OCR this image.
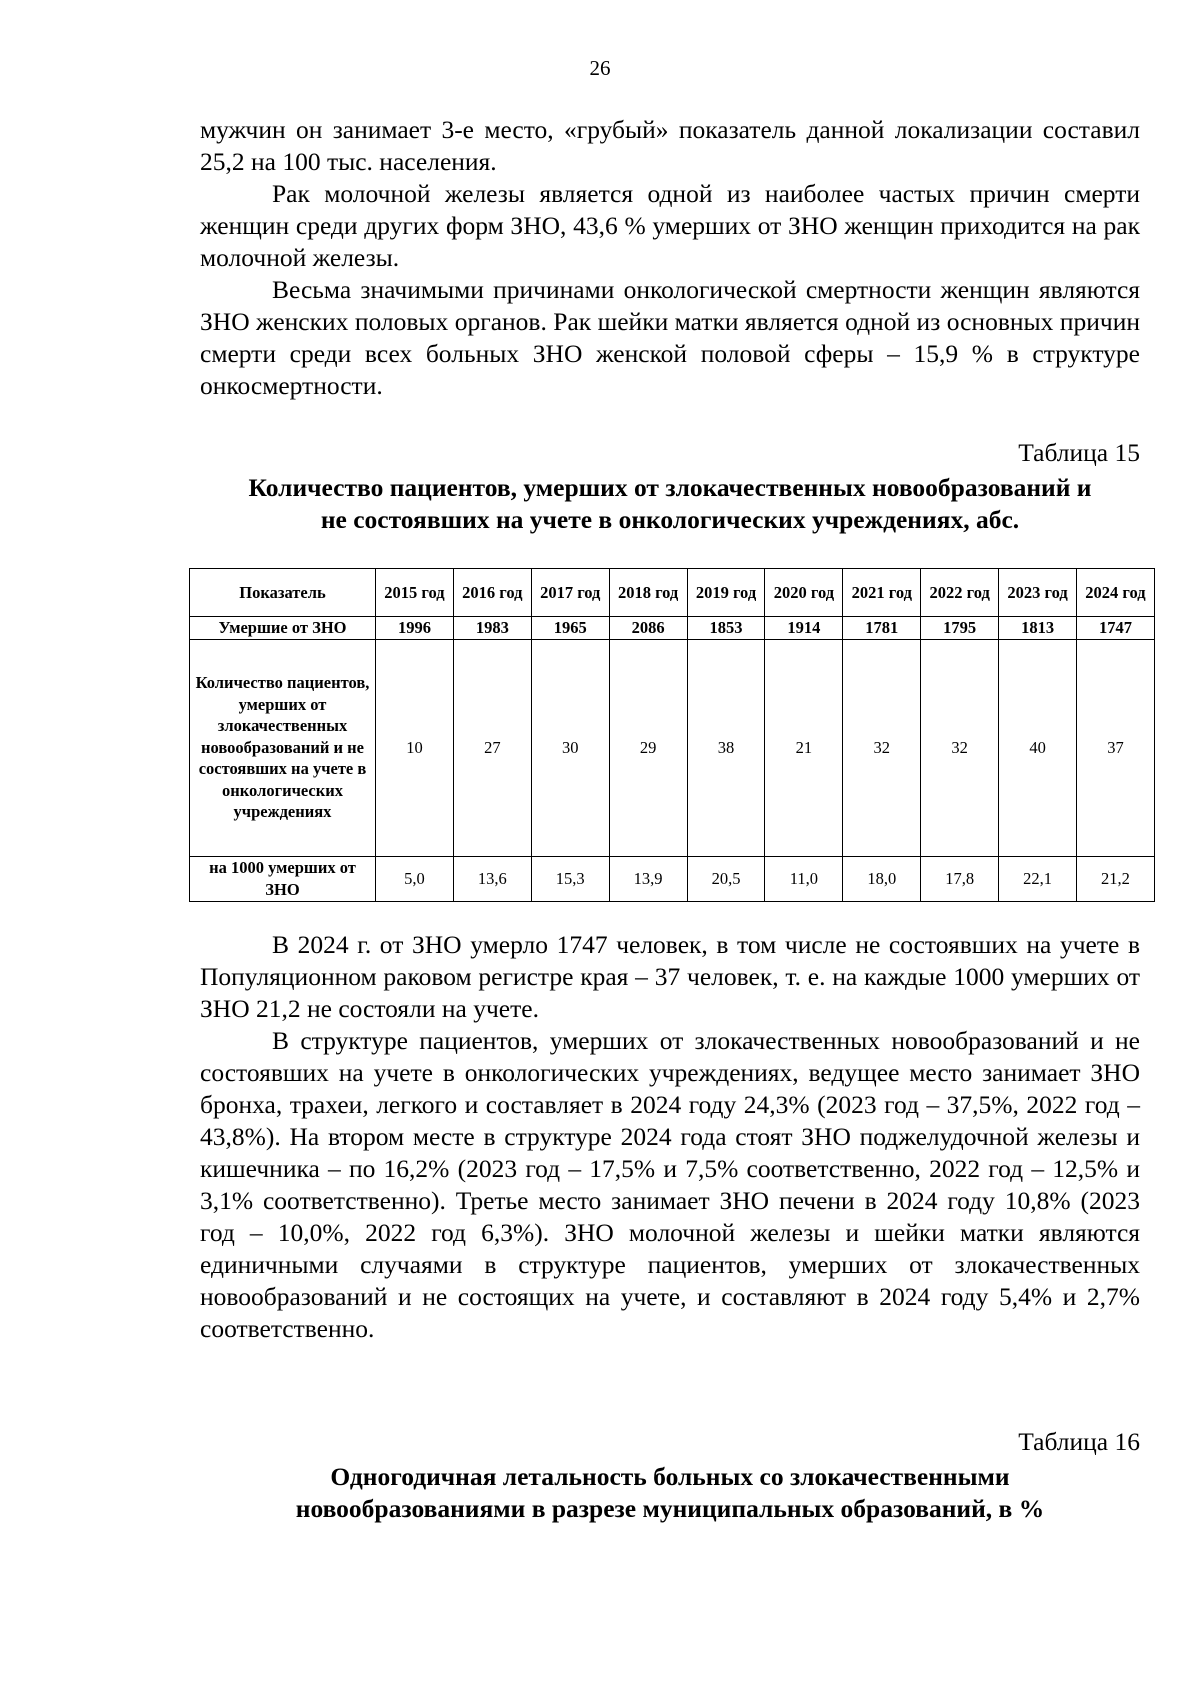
26

мужчин он занимает 3-е место, «грубый» показатель данной локализации составил 25,2 на 100 тыс. населения.

Рак молочной железы является одной из наиболее частых причин смерти женщин среди других форм ЗНО, 43,6 % умерших от ЗНО женщин приходится на рак молочной железы.

Весьма значимыми причинами онкологической смертности женщин являются ЗНО женских половых органов. Рак шейки матки является одной из основных причин смерти среди всех больных ЗНО женской половой сферы – 15,9 % в структуре онкосмертности.

Таблица 15
Количество пациентов, умерших от злокачественных новообразований и
не состоявших на учете в онкологических учреждениях, абс.
Показатель	2015 год	2016 год	2017 год	2018 год	2019 год	2020 год	2021 год	2022 год	2023 год	2024 год
Умершие от ЗНО	1996	1983	1965	2086	1853	1914	1781	1795	1813	1747
Количество пациентов, умерших от злокачественных новообразований и не состоявших на учете в онкологических учреждениях	10	27	30	29	38	21	32	32	40	37
на 1000 умерших от ЗНО	5,0	13,6	15,3	13,9	20,5	11,0	18,0	17,8	22,1	21,2

В 2024 г. от ЗНО умерло 1747 человек, в том числе не состоявших на учете в Популяционном раковом регистре края – 37 человек, т. е. на каждые 1000 умерших от ЗНО 21,2 не состояли на учете.

В структуре пациентов, умерших от злокачественных новообразований и не состоявших на учете в онкологических учреждениях, ведущее место занимает ЗНО бронха, трахеи, легкого и составляет в 2024 году 24,3% (2023 год – 37,5%, 2022 год – 43,8%). На втором месте в структуре 2024 года стоят ЗНО поджелудочной железы и кишечника – по 16,2% (2023 год – 17,5% и 7,5% соответственно, 2022 год – 12,5% и 3,1% соответственно). Третье место занимает ЗНО печени в 2024 году 10,8% (2023 год – 10,0%, 2022 год 6,3%). ЗНО молочной железы и шейки матки являются единичными случаями в структуре пациентов, умерших от злокачественных новообразований и не состоящих на учете, и составляют в 2024 году 5,4% и 2,7% соответственно.

Таблица 16
Одногодичная летальность больных со злокачественными
новообразованиями в разрезе муниципальных образований, в %
